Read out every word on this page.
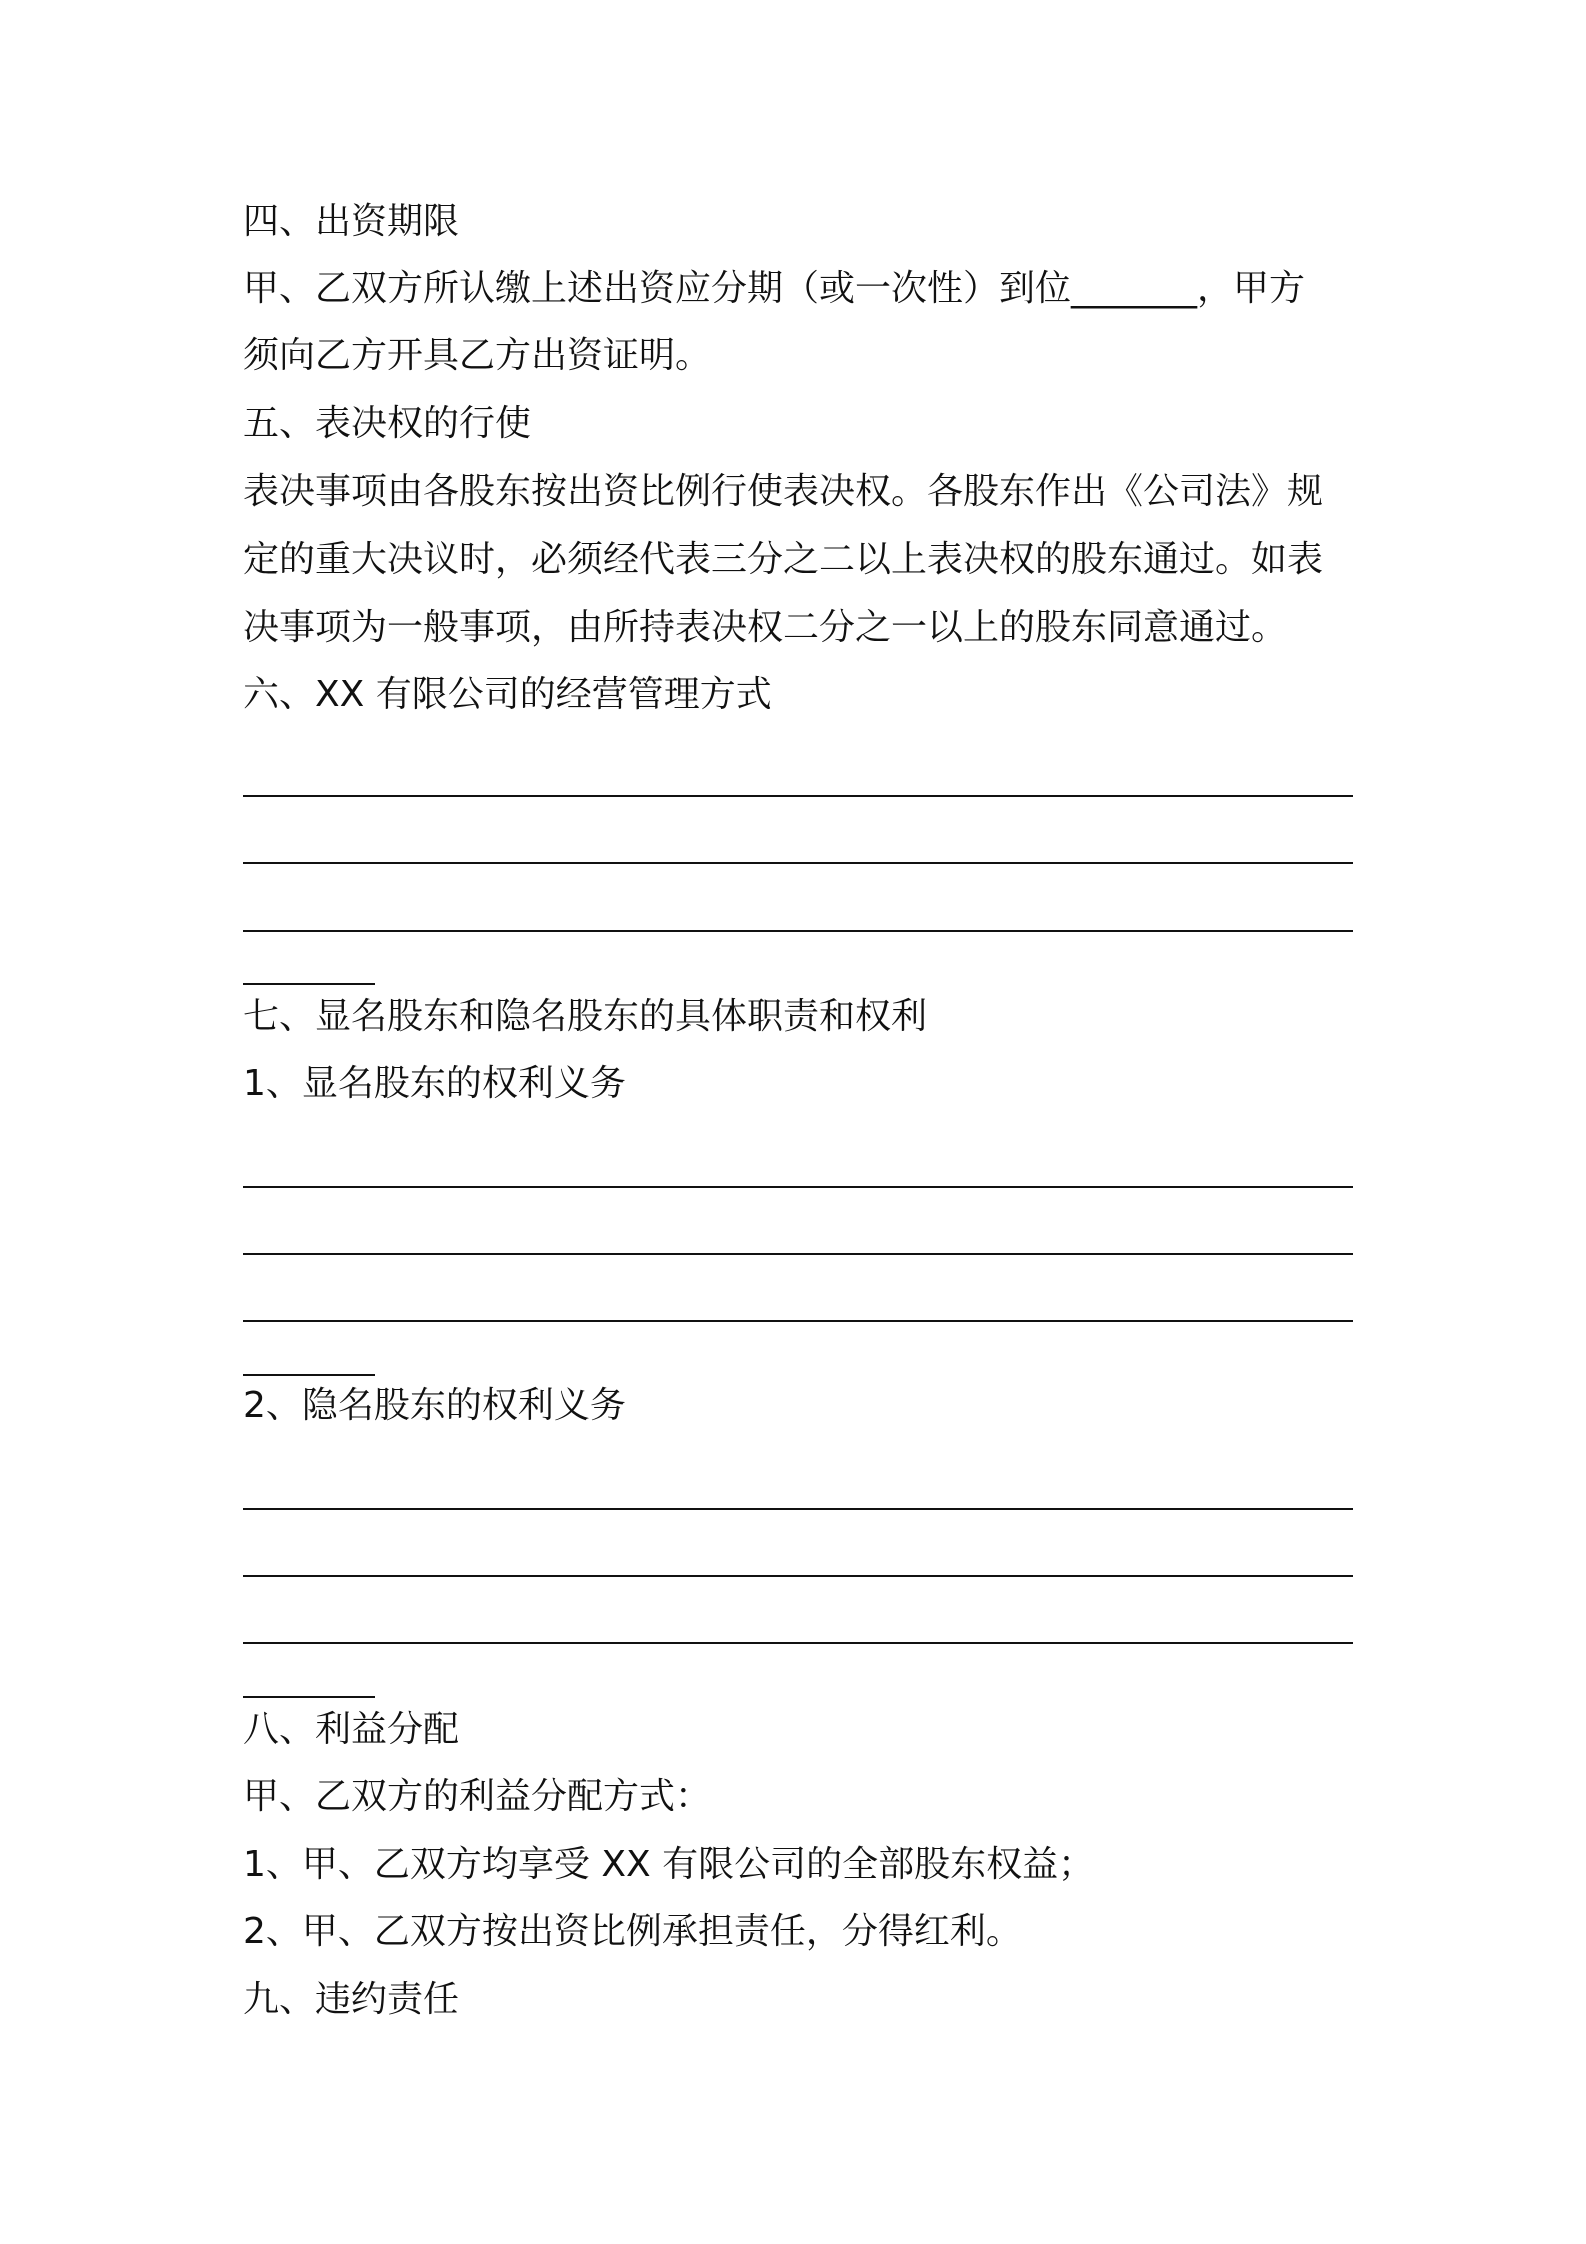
四、出资期限
甲、乙双方所认缴上述出资应分期（或一次性）到位_______，甲方
须向乙方开具乙方出资证明。
五、表决权的行使
表决事项由各股东按出资比例行使表决权。各股东作出《公司法》规
定的重大决议时，必须经代表三分之二以上表决权的股东通过。如表
决事项为一般事项，由所持表决权二分之一以上的股东同意通过。
六、XX 有限公司的经营管理方式
七、显名股东和隐名股东的具体职责和权利
1、显名股东的权利义务
2、隐名股东的权利义务
八、利益分配
甲、乙双方的利益分配方式：
1、甲、乙双方均享受 XX 有限公司的全部股东权益；
2、甲、乙双方按出资比例承担责任，分得红利。
九、违约责任
